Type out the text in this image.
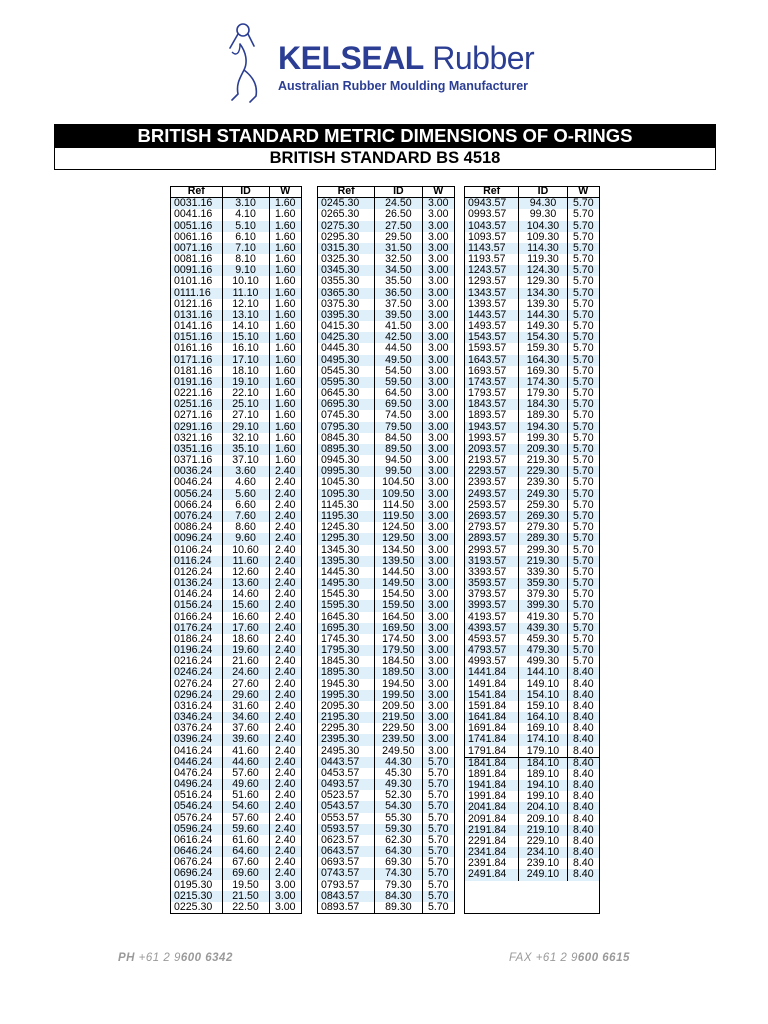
KELSEAL Rubber
Australian Rubber Moulding Manufacturer
BRITISH STANDARD METRIC DIMENSIONS OF O-RINGS
BRITISH STANDARD BS 4518
Ref	ID	W
0031.16	3.10	1.60
0041.16	4.10	1.60
0051.16	5.10	1.60
0061.16	6.10	1.60
0071.16	7.10	1.60
0081.16	8.10	1.60
0091.16	9.10	1.60
0101.16	10.10	1.60
0111.16	11.10	1.60
0121.16	12.10	1.60
0131.16	13.10	1.60
0141.16	14.10	1.60
0151.16	15.10	1.60
0161.16	16.10	1.60
0171.16	17.10	1.60
0181.16	18.10	1.60
0191.16	19.10	1.60
0221.16	22.10	1.60
0251.16	25.10	1.60
0271.16	27.10	1.60
0291.16	29.10	1.60
0321.16	32.10	1.60
0351.16	35.10	1.60
0371.16	37.10	1.60
0036.24	3.60	2.40
0046.24	4.60	2.40
0056.24	5.60	2.40
0066.24	6.60	2.40
0076.24	7.60	2.40
0086.24	8.60	2.40
0096.24	9.60	2.40
0106.24	10.60	2.40
0116.24	11.60	2.40
0126.24	12.60	2.40
0136.24	13.60	2.40
0146.24	14.60	2.40
0156.24	15.60	2.40
0166.24	16.60	2.40
0176.24	17.60	2.40
0186.24	18.60	2.40
0196.24	19.60	2.40
0216.24	21.60	2.40
0246.24	24.60	2.40
0276.24	27.60	2.40
0296.24	29.60	2.40
0316.24	31.60	2.40
0346.24	34.60	2.40
0376.24	37.60	2.40
0396.24	39.60	2.40
0416.24	41.60	2.40
0446.24	44.60	2.40
0476.24	57.60	2.40
0496.24	49.60	2.40
0516.24	51.60	2.40
0546.24	54.60	2.40
0576.24	57.60	2.40
0596.24	59.60	2.40
0616.24	61.60	2.40
0646.24	64.60	2.40
0676.24	67.60	2.40
0696.24	69.60	2.40
0195.30	19.50	3.00
0215.30	21.50	3.00
0225.30	22.50	3.00
Ref	ID	W
0245.30	24.50	3.00
0265.30	26.50	3.00
0275.30	27.50	3.00
0295.30	29.50	3.00
0315.30	31.50	3.00
0325.30	32.50	3.00
0345.30	34.50	3.00
0355.30	35.50	3.00
0365.30	36.50	3.00
0375.30	37.50	3.00
0395.30	39.50	3.00
0415.30	41.50	3.00
0425.30	42.50	3.00
0445.30	44.50	3.00
0495.30	49.50	3.00
0545.30	54.50	3.00
0595.30	59.50	3.00
0645.30	64.50	3.00
0695.30	69.50	3.00
0745.30	74.50	3.00
0795.30	79.50	3.00
0845.30	84.50	3.00
0895.30	89.50	3.00
0945.30	94.50	3.00
0995.30	99.50	3.00
1045.30	104.50	3.00
1095.30	109.50	3.00
1145.30	114.50	3.00
1195.30	119.50	3.00
1245.30	124.50	3.00
1295.30	129.50	3.00
1345.30	134.50	3.00
1395.30	139.50	3.00
1445.30	144.50	3.00
1495.30	149.50	3.00
1545.30	154.50	3.00
1595.30	159.50	3.00
1645.30	164.50	3.00
1695.30	169.50	3.00
1745.30	174.50	3.00
1795.30	179.50	3.00
1845.30	184.50	3.00
1895.30	189.50	3.00
1945.30	194.50	3.00
1995.30	199.50	3.00
2095.30	209.50	3.00
2195.30	219.50	3.00
2295.30	229.50	3.00
2395.30	239.50	3.00
2495.30	249.50	3.00
0443.57	44.30	5.70
0453.57	45.30	5.70
0493.57	49.30	5.70
0523.57	52.30	5.70
0543.57	54.30	5.70
0553.57	55.30	5.70
0593.57	59.30	5.70
0623.57	62.30	5.70
0643.57	64.30	5.70
0693.57	69.30	5.70
0743.57	74.30	5.70
0793.57	79.30	5.70
0843.57	84.30	5.70
0893.57	89.30	5.70
Ref	ID	W
0943.57	94.30	5.70
0993.57	99.30	5.70
1043.57	104.30	5.70
1093.57	109.30	5.70
1143.57	114.30	5.70
1193.57	119.30	5.70
1243.57	124.30	5.70
1293.57	129.30	5.70
1343.57	134.30	5.70
1393.57	139.30	5.70
1443.57	144.30	5.70
1493.57	149.30	5.70
1543.57	154.30	5.70
1593.57	159.30	5.70
1643.57	164.30	5.70
1693.57	169.30	5.70
1743.57	174.30	5.70
1793.57	179.30	5.70
1843.57	184.30	5.70
1893.57	189.30	5.70
1943.57	194.30	5.70
1993.57	199.30	5.70
2093.57	209.30	5.70
2193.57	219.30	5.70
2293.57	229.30	5.70
2393.57	239.30	5.70
2493.57	249.30	5.70
2593.57	259.30	5.70
2693.57	269.30	5.70
2793.57	279.30	5.70
2893.57	289.30	5.70
2993.57	299.30	5.70
3193.57	219.30	5.70
3393.57	339.30	5.70
3593.57	359.30	5.70
3793.57	379.30	5.70
3993.57	399.30	5.70
4193.57	419.30	5.70
4393.57	439.30	5.70
4593.57	459.30	5.70
4793.57	479.30	5.70
4993.57	499.30	5.70
1441.84	144.10	8.40
1491.84	149.10	8.40
1541.84	154.10	8.40
1591.84	159.10	8.40
1641.84	164.10	8.40
1691.84	169.10	8.40
1741.84	174.10	8.40
1791.84	179.10	8.40
1841.84	184.10	8.40
1891.84	189.10	8.40
1941.84	194.10	8.40
1991.84	199.10	8.40
2041.84	204.10	8.40
2091.84	209.10	8.40
2191.84	219.10	8.40
2291.84	229.10	8.40
2341.84	234.10	8.40
2391.84	239.10	8.40
2491.84	249.10	8.40
PH +61 2 9600 6342	FAX +61 2 9600 6615
